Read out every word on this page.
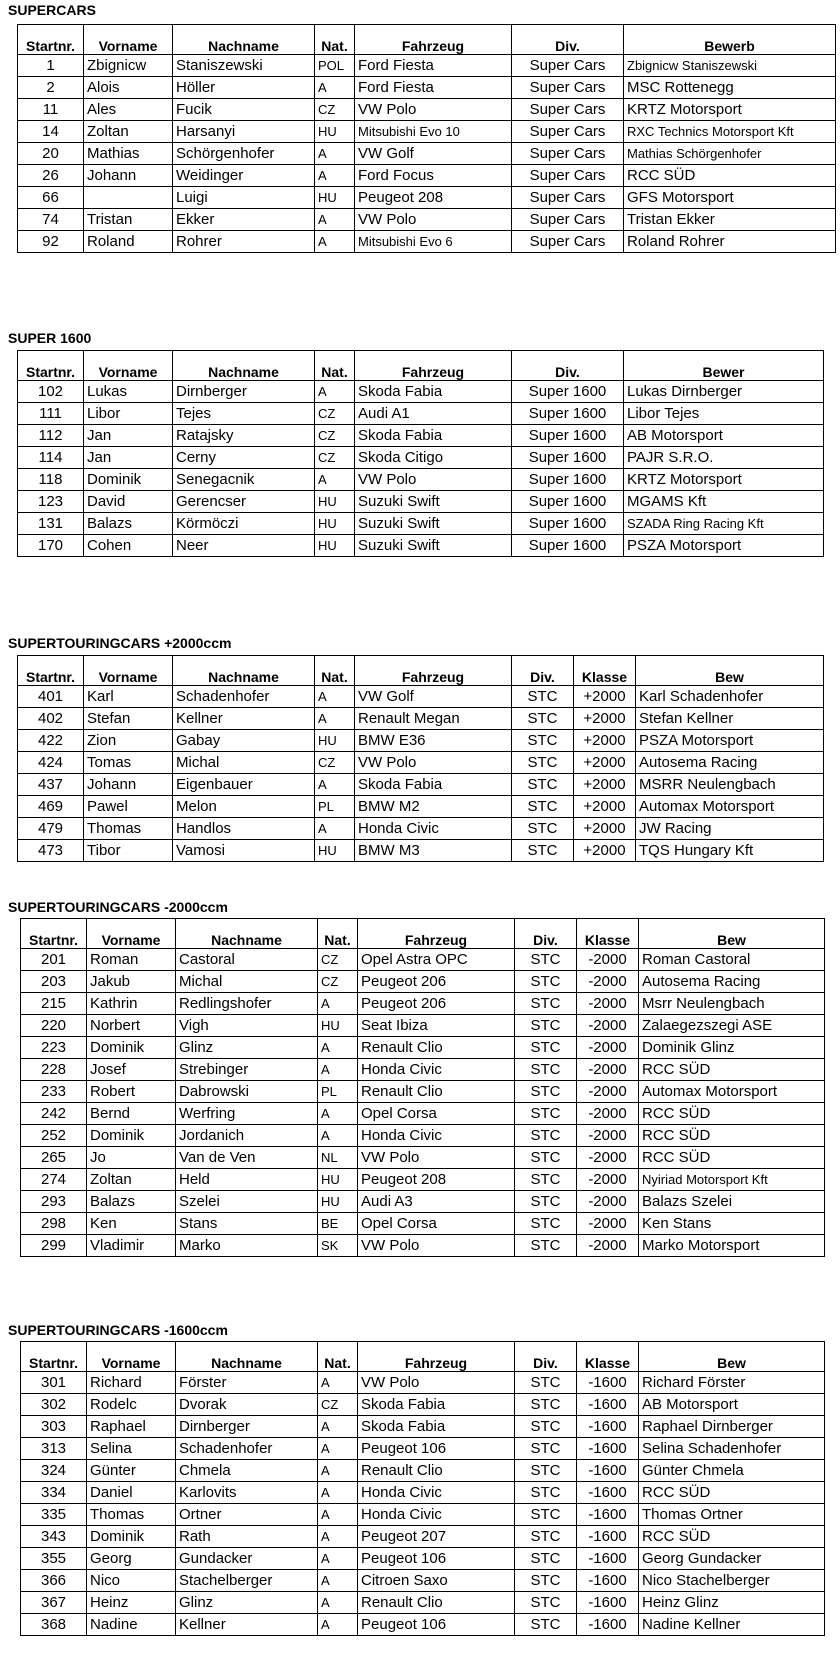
SUPERCARS
Startnr.	Vorname	Nachname	Nat.	Fahrzeug	Div.	Bewerb
1	Zbignicw	Staniszewski	POL	Ford Fiesta	Super Cars	Zbignicw Staniszewski
2	Alois	Höller	A	Ford Fiesta	Super Cars	MSC Rottenegg
11	Ales	Fucik	CZ	VW Polo	Super Cars	KRTZ Motorsport
14	Zoltan	Harsanyi	HU	Mitsubishi Evo 10	Super Cars	RXC Technics Motorsport Kft
20	Mathias	Schörgenhofer	A	VW Golf	Super Cars	Mathias Schörgenhofer
26	Johann	Weidinger	A	Ford Focus	Super Cars	RCC SÜD
66		Luigi	HU	Peugeot 208	Super Cars	GFS Motorsport
74	Tristan	Ekker	A	VW Polo	Super Cars	Tristan Ekker
92	Roland	Rohrer	A	Mitsubishi Evo 6	Super Cars	Roland Rohrer
SUPER 1600
Startnr.	Vorname	Nachname	Nat.	Fahrzeug	Div.	Bewer
102	Lukas	Dirnberger	A	Skoda Fabia	Super 1600	Lukas Dirnberger
111	Libor	Tejes	CZ	Audi A1	Super 1600	Libor Tejes
112	Jan	Ratajsky	CZ	Skoda Fabia	Super 1600	AB Motorsport
114	Jan	Cerny	CZ	Skoda Citigo	Super 1600	PAJR S.R.O.
118	Dominik	Senegacnik	A	VW Polo	Super 1600	KRTZ Motorsport
123	David	Gerencser	HU	Suzuki Swift	Super 1600	MGAMS Kft
131	Balazs	Körmöczi	HU	Suzuki Swift	Super 1600	SZADA Ring Racing Kft
170	Cohen	Neer	HU	Suzuki Swift	Super 1600	PSZA Motorsport
SUPERTOURINGCARS +2000ccm
Startnr.	Vorname	Nachname	Nat.	Fahrzeug	Div.	Klasse	Bew
401	Karl	Schadenhofer	A	VW Golf	STC	+2000	Karl Schadenhofer
402	Stefan	Kellner	A	Renault Megan	STC	+2000	Stefan Kellner
422	Zion	Gabay	HU	BMW E36	STC	+2000	PSZA Motorsport
424	Tomas	Michal	CZ	VW Polo	STC	+2000	Autosema Racing
437	Johann	Eigenbauer	A	Skoda Fabia	STC	+2000	MSRR Neulengbach
469	Pawel	Melon	PL	BMW M2	STC	+2000	Automax Motorsport
479	Thomas	Handlos	A	Honda Civic	STC	+2000	JW Racing
473	Tibor	Vamosi	HU	BMW M3	STC	+2000	TQS Hungary Kft
SUPERTOURINGCARS -2000ccm
Startnr.	Vorname	Nachname	Nat.	Fahrzeug	Div.	Klasse	Bew
201	Roman	Castoral	CZ	Opel Astra OPC	STC	-2000	Roman Castoral
203	Jakub	Michal	CZ	Peugeot 206	STC	-2000	Autosema Racing
215	Kathrin	Redlingshofer	A	Peugeot 206	STC	-2000	Msrr Neulengbach
220	Norbert	Vigh	HU	Seat Ibiza	STC	-2000	Zalaegezszegi ASE
223	Dominik	Glinz	A	Renault Clio	STC	-2000	Dominik Glinz
228	Josef	Strebinger	A	Honda Civic	STC	-2000	RCC SÜD
233	Robert	Dabrowski	PL	Renault Clio	STC	-2000	Automax Motorsport
242	Bernd	Werfring	A	Opel Corsa	STC	-2000	RCC SÜD
252	Dominik	Jordanich	A	Honda Civic	STC	-2000	RCC SÜD
265	Jo	Van de Ven	NL	VW Polo	STC	-2000	RCC SÜD
274	Zoltan	Held	HU	Peugeot 208	STC	-2000	Nyiriad Motorsport Kft
293	Balazs	Szelei	HU	Audi A3	STC	-2000	Balazs Szelei
298	Ken	Stans	BE	Opel Corsa	STC	-2000	Ken Stans
299	Vladimir	Marko	SK	VW Polo	STC	-2000	Marko Motorsport
SUPERTOURINGCARS -1600ccm
Startnr.	Vorname	Nachname	Nat.	Fahrzeug	Div.	Klasse	Bew
301	Richard	Förster	A	VW Polo	STC	-1600	Richard Förster
302	Rodelc	Dvorak	CZ	Skoda Fabia	STC	-1600	AB Motorsport
303	Raphael	Dirnberger	A	Skoda Fabia	STC	-1600	Raphael Dirnberger
313	Selina	Schadenhofer	A	Peugeot 106	STC	-1600	Selina Schadenhofer
324	Günter	Chmela	A	Renault Clio	STC	-1600	Günter Chmela
334	Daniel	Karlovits	A	Honda Civic	STC	-1600	RCC SÜD
335	Thomas	Ortner	A	Honda Civic	STC	-1600	Thomas Ortner
343	Dominik	Rath	A	Peugeot 207	STC	-1600	RCC SÜD
355	Georg	Gundacker	A	Peugeot 106	STC	-1600	Georg Gundacker
366	Nico	Stachelberger	A	Citroen Saxo	STC	-1600	Nico Stachelberger
367	Heinz	Glinz	A	Renault Clio	STC	-1600	Heinz Glinz
368	Nadine	Kellner	A	Peugeot 106	STC	-1600	Nadine Kellner
